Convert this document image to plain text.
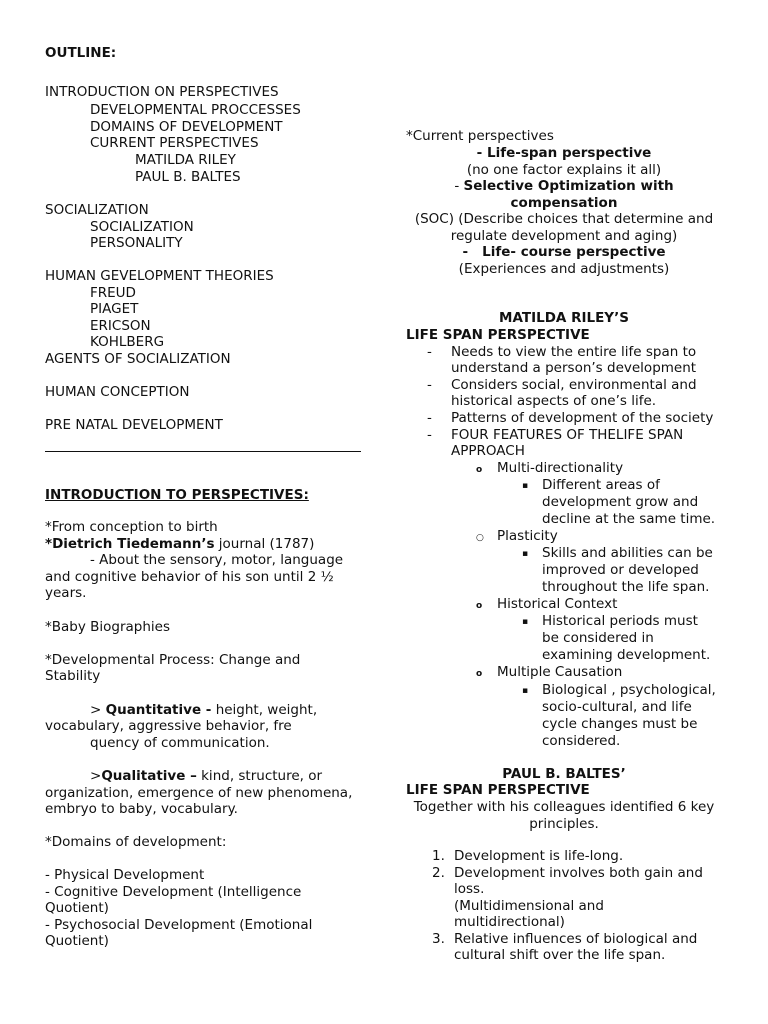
OUTLINE:
INTRODUCTION ON PERSPECTIVES
DEVELOPMENTAL PROCCESSES
DOMAINS OF DEVELOPMENT
CURRENT PERSPECTIVES
MATILDA RILEY
PAUL B. BALTES
SOCIALIZATION
SOCIALIZATION
PERSONALITY
HUMAN GEVELOPMENT THEORIES
FREUD
PIAGET
ERICSON
KOHLBERG
AGENTS OF SOCIALIZATION
HUMAN CONCEPTION
PRE NATAL DEVELOPMENT
INTRODUCTION TO PERSPECTIVES:
*From conception to birth
*Dietrich Tiedemann’s journal (1787)
- About the sensory, motor, language
and cognitive behavior of his son until 2 ½
years.
*Baby Biographies
*Developmental Process: Change and
Stability
> Quantitative - height, weight,
vocabulary, aggressive behavior, fre
quency of communication.
>Qualitative – kind, structure, or
organization, emergence of new phenomena,
embryo to baby, vocabulary.
*Domains of development:
- Physical Development
- Cognitive Development (Intelligence
Quotient)
- Psychosocial Development (Emotional
Quotient)
*Current perspectives
- Life-span perspective
(no one factor explains it all)
- Selective Optimization with
compensation
(SOC) (Describe choices that determine and
regulate development and aging)
-   Life- course perspective
(Experiences and adjustments)
MATILDA RILEY’S
LIFE SPAN PERSPECTIVE
- Needs to view the entire life span to
understand a person’s development
- Considers social, environmental and
historical aspects of one’s life.
- Patterns of development of the society
- FOUR FEATURES OF THELIFE SPAN
APPROACH
o Multi-directionality
▪ Different areas of
development grow and
decline at the same time.
○ Plasticity
▪ Skills and abilities can be
improved or developed
throughout the life span.
o Historical Context
▪ Historical periods must
be considered in
examining development.
o Multiple Causation
▪ Biological , psychological,
socio-cultural, and life
cycle changes must be
considered.
PAUL B. BALTES’
LIFE SPAN PERSPECTIVE
Together with his colleagues identified 6 key
principles.
1. Development is life-long.
2. Development involves both gain and
loss.
(Multidimensional and
multidirectional)
3. Relative influences of biological and
cultural shift over the life span.
